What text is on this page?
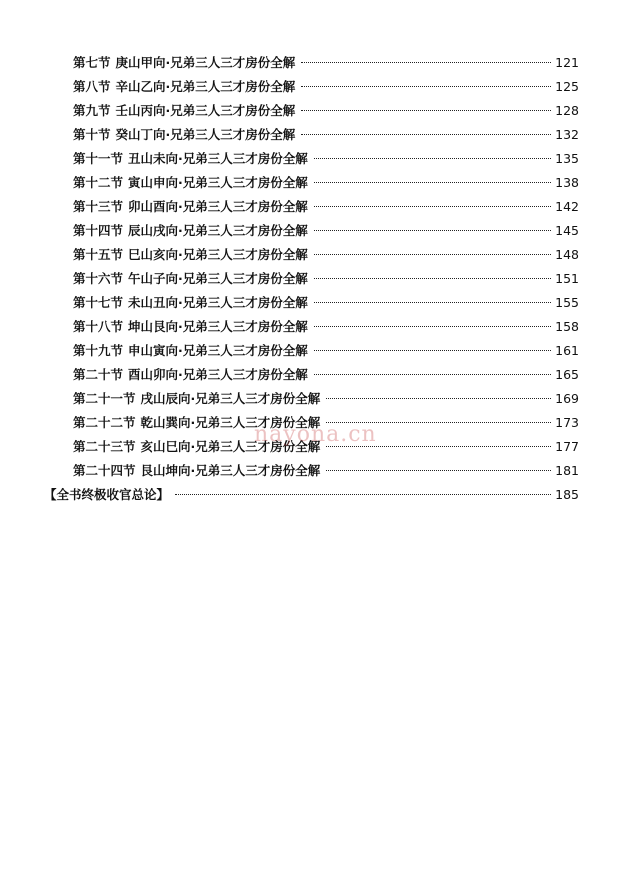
第七节 庚山甲向·兄弟三人三才房份全解	121
第八节 辛山乙向·兄弟三人三才房份全解	125
第九节 壬山丙向·兄弟三人三才房份全解	128
第十节 癸山丁向·兄弟三人三才房份全解	132
第十一节 丑山未向·兄弟三人三才房份全解	135
第十二节 寅山申向·兄弟三人三才房份全解	138
第十三节 卯山酉向·兄弟三人三才房份全解	142
第十四节 辰山戌向·兄弟三人三才房份全解	145
第十五节 巳山亥向·兄弟三人三才房份全解	148
第十六节 午山子向·兄弟三人三才房份全解	151
第十七节 未山丑向·兄弟三人三才房份全解	155
第十八节 坤山艮向·兄弟三人三才房份全解	158
第十九节 申山寅向·兄弟三人三才房份全解	161
第二十节 酉山卯向·兄弟三人三才房份全解	165
第二十一节 戌山辰向·兄弟三人三才房份全解	169
第二十二节 乾山巽向·兄弟三人三才房份全解	173
第二十三节 亥山巳向·兄弟三人三才房份全解	177
第二十四节 艮山坤向·兄弟三人三才房份全解	181
【全书终极收官总论】	185
nayona.cn
